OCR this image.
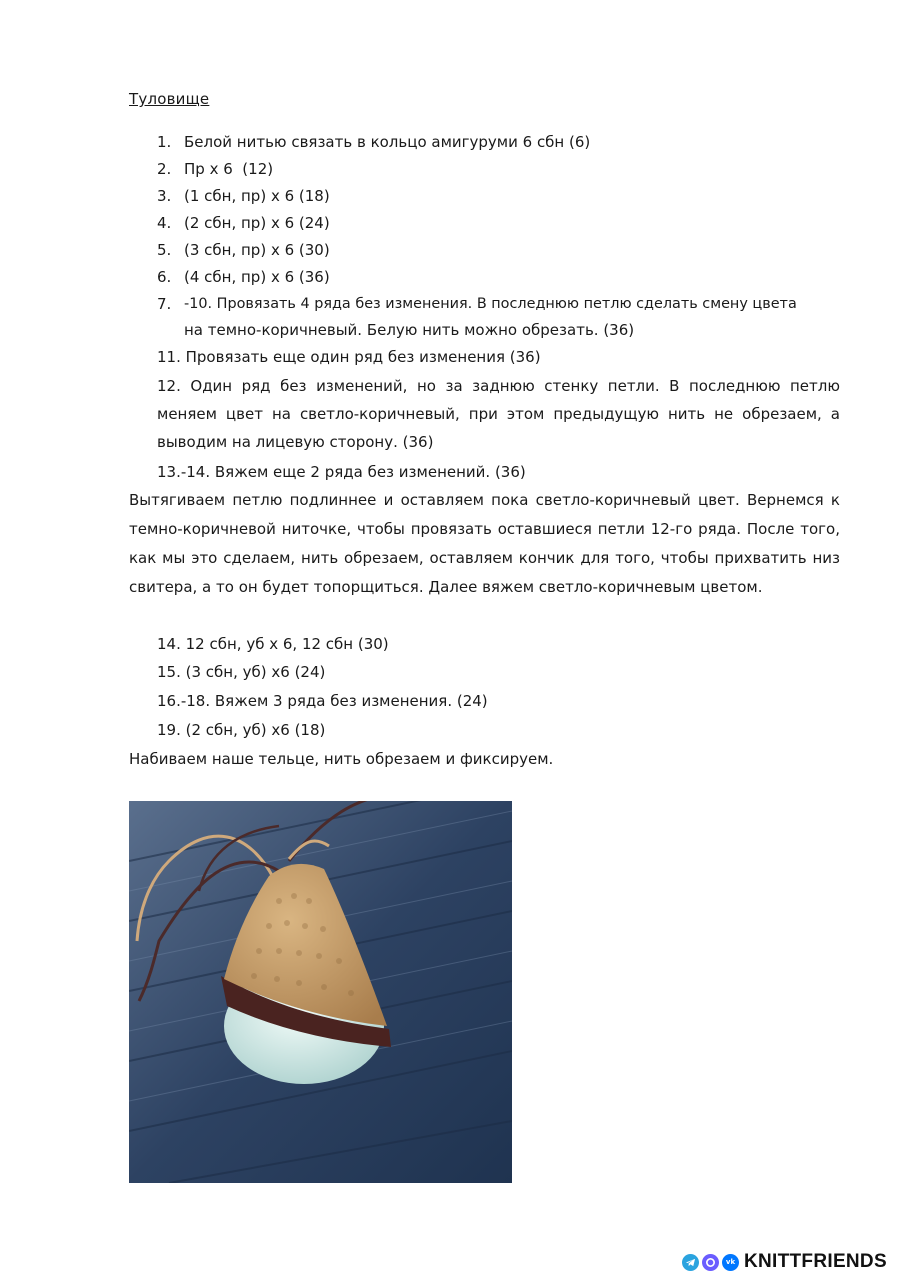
Туловище
1. Белой нитью связать в кольцо амигуруми 6 сбн (6)
2. Пр х 6  (12)
3. (1 сбн, пр) х 6 (18)
4. (2 сбн, пр) х 6 (24)
5. (3 сбн, пр) х 6 (30)
6. (4 сбн, пр) х 6 (36)
7. -10. Провязать 4 ряда без изменения. В последнюю петлю сделать смену цвета
на темно-коричневый. Белую нить можно обрезать. (36)
11. Провязать еще один ряд без изменения (36)
12. Один ряд без изменений, но за заднюю стенку петли. В последнюю петлю меняем цвет на светло-коричневый, при этом предыдущую нить не обрезаем, а выводим на лицевую сторону. (36)
13.-14. Вяжем еще 2 ряда без изменений. (36)
Вытягиваем петлю подлиннее и оставляем пока светло-коричневый цвет. Вернемся к темно-коричневой ниточке, чтобы провязать оставшиеся петли 12-го ряда. После того, как мы это сделаем, нить обрезаем, оставляем кончик для того, чтобы прихватить низ свитера, а то он будет топорщиться. Далее вяжем светло-коричневым цветом.
14. 12 сбн, уб х 6, 12 сбн (30)
15. (3 сбн, уб) х6 (24)
16.-18. Вяжем 3 ряда без изменения. (24)
19. (2 сбн, уб) х6 (18)
Набиваем наше тельце, нить обрезаем и фиксируем.
vk KNITTFRIENDS
